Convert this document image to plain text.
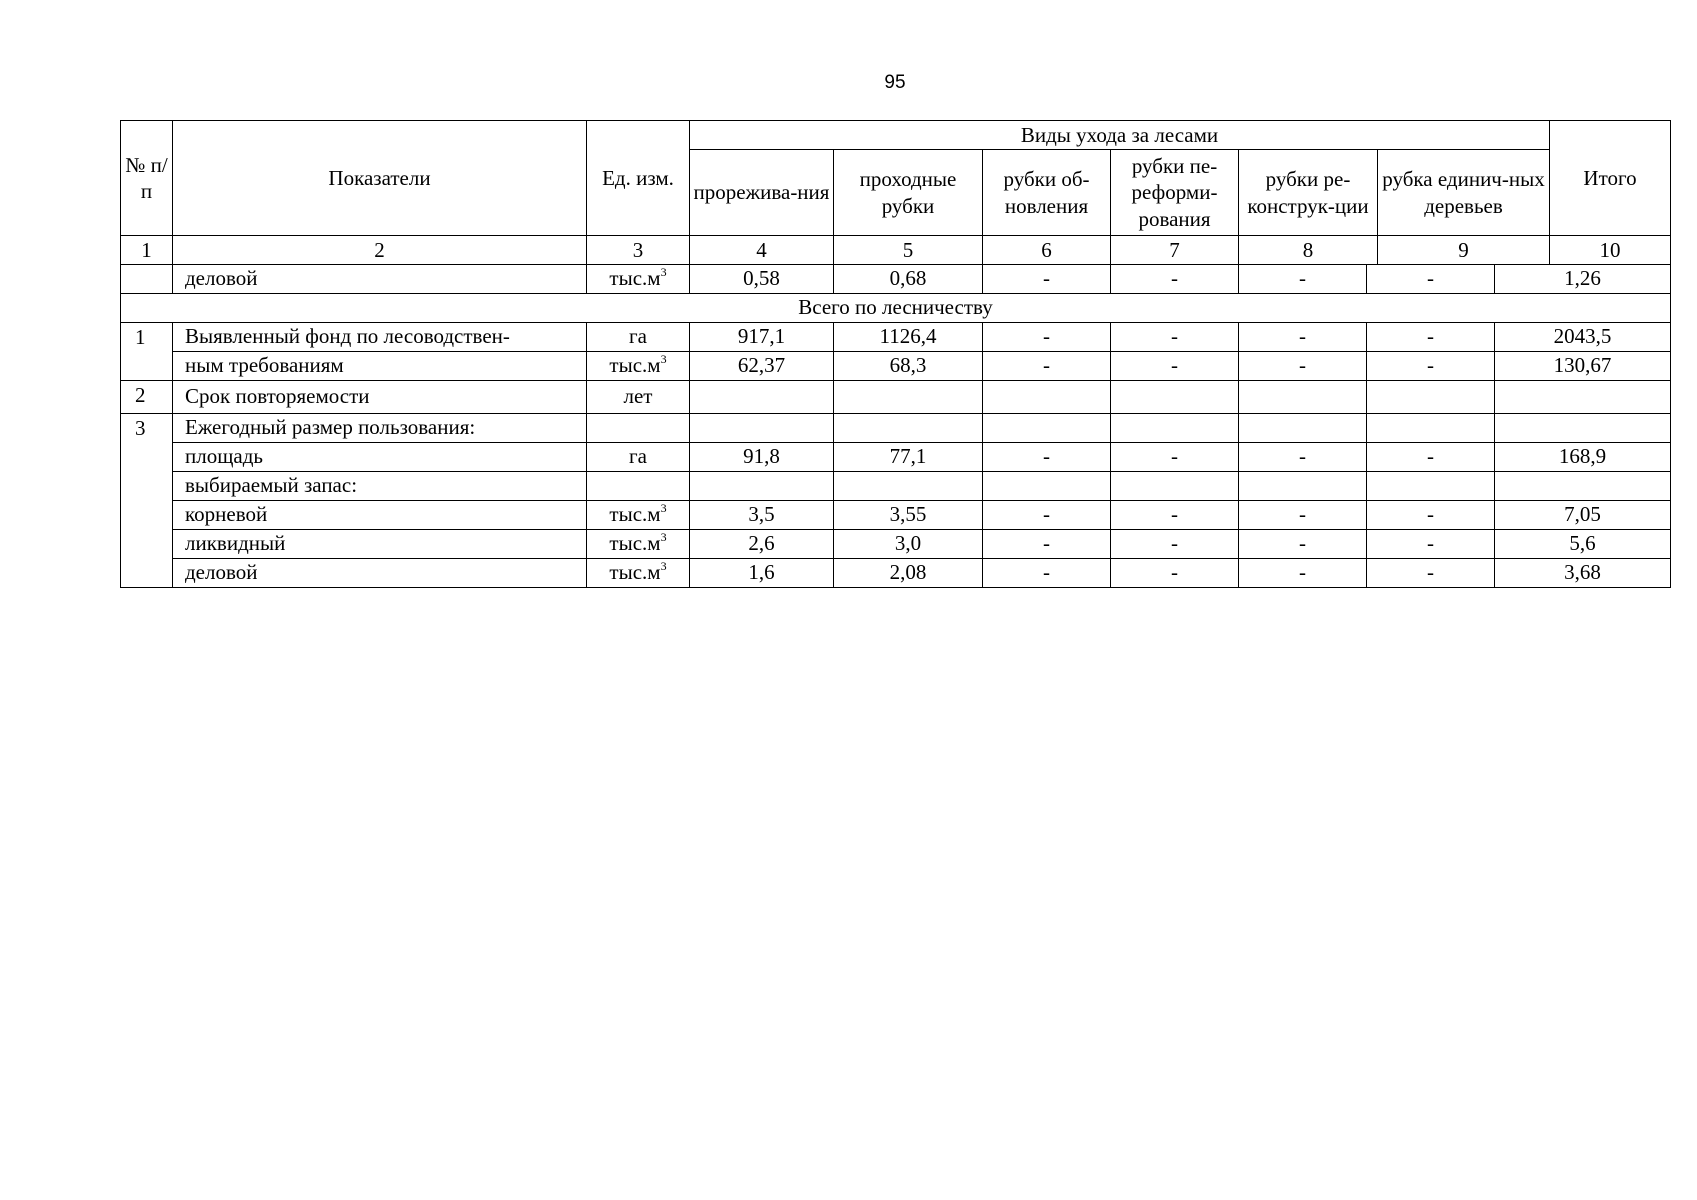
95
№ п/п	Показатели	Ед. изм.	Виды ухода за лесами						Итого
			прорежива-ния	проходные рубки	рубки об-новления	рубки пе-реформи-рования	рубки ре-конструк-ции	рубка единич-ных деревьев	
1	2	3	4	5	6	7	8	9	10
	деловой	$тыс.м^3$	0,58	0,68	-	-	-	-	1,26
Всего по лесничеству									
1	Выявленный фонд по лесоводствен-	га	917,1	1126,4	-	-	-	-	2043,5
	ным требованиям	$тыс.м^3$	62,37	68,3	-	-	-	-	130,67
2	Срок повторяемости	лет							
3	Ежегодный размер пользования:								
	площадь	га	91,8	77,1	-	-	-	-	168,9
	выбираемый запас:								
	корневой	$тыс.м^3$	3,5	3,55	-	-	-	-	7,05
	ликвидный	$тыс.м^3$	2,6	3,0	-	-	-	-	5,6
	деловой	$тыс.м^3$	1,6	2,08	-	-	-	-	3,68
